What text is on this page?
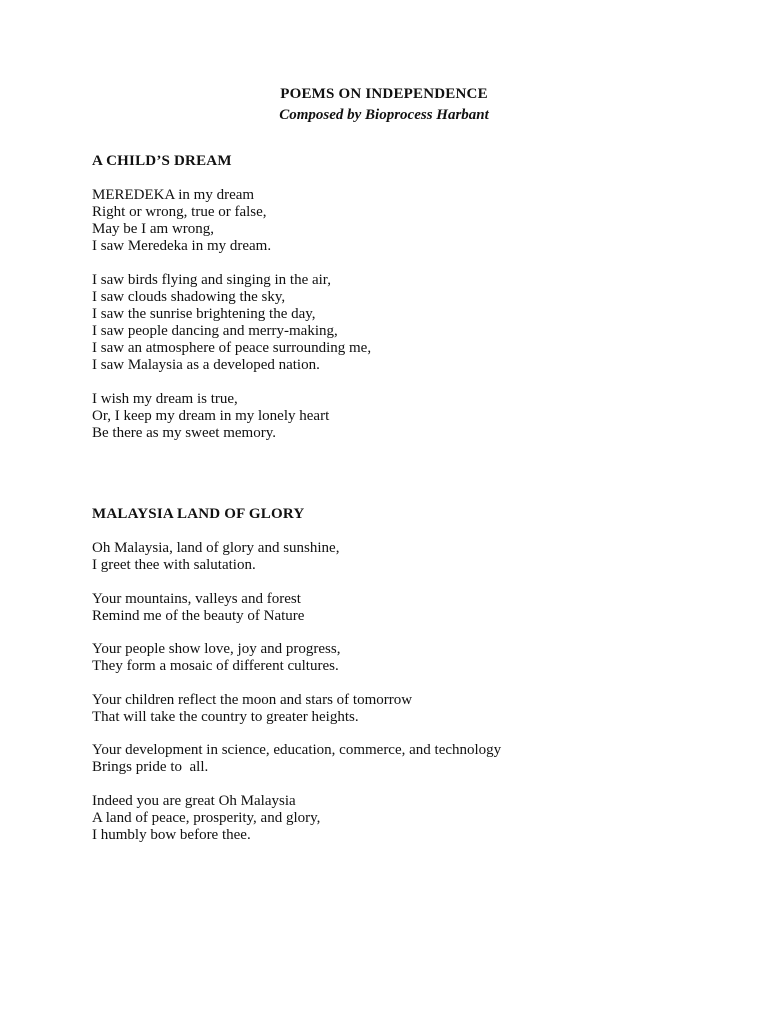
POEMS ON INDEPENDENCE
Composed by Bioprocess Harbant
A CHILD’S DREAM
MEREDEKA in my dream
Right or wrong, true or false,
May be I am wrong,
I saw Meredeka in my dream.
I saw birds flying and singing in the air,
I saw clouds shadowing the sky,
I saw the sunrise brightening the day,
I saw people dancing and merry-making,
I saw an atmosphere of peace surrounding me,
I saw Malaysia as a developed nation.
I wish my dream is true,
Or, I keep my dream in my lonely heart
Be there as my sweet memory.
MALAYSIA LAND OF GLORY
Oh Malaysia, land of glory and sunshine,
I greet thee with salutation.
Your mountains, valleys and forest
Remind me of the beauty of Nature
Your people show love, joy and progress,
They form a mosaic of different cultures.
Your children reflect the moon and stars of tomorrow
That will take the country to greater heights.
Your development in science, education, commerce, and technology
Brings pride to  all.
Indeed you are great Oh Malaysia
A land of peace, prosperity, and glory,
I humbly bow before thee.
